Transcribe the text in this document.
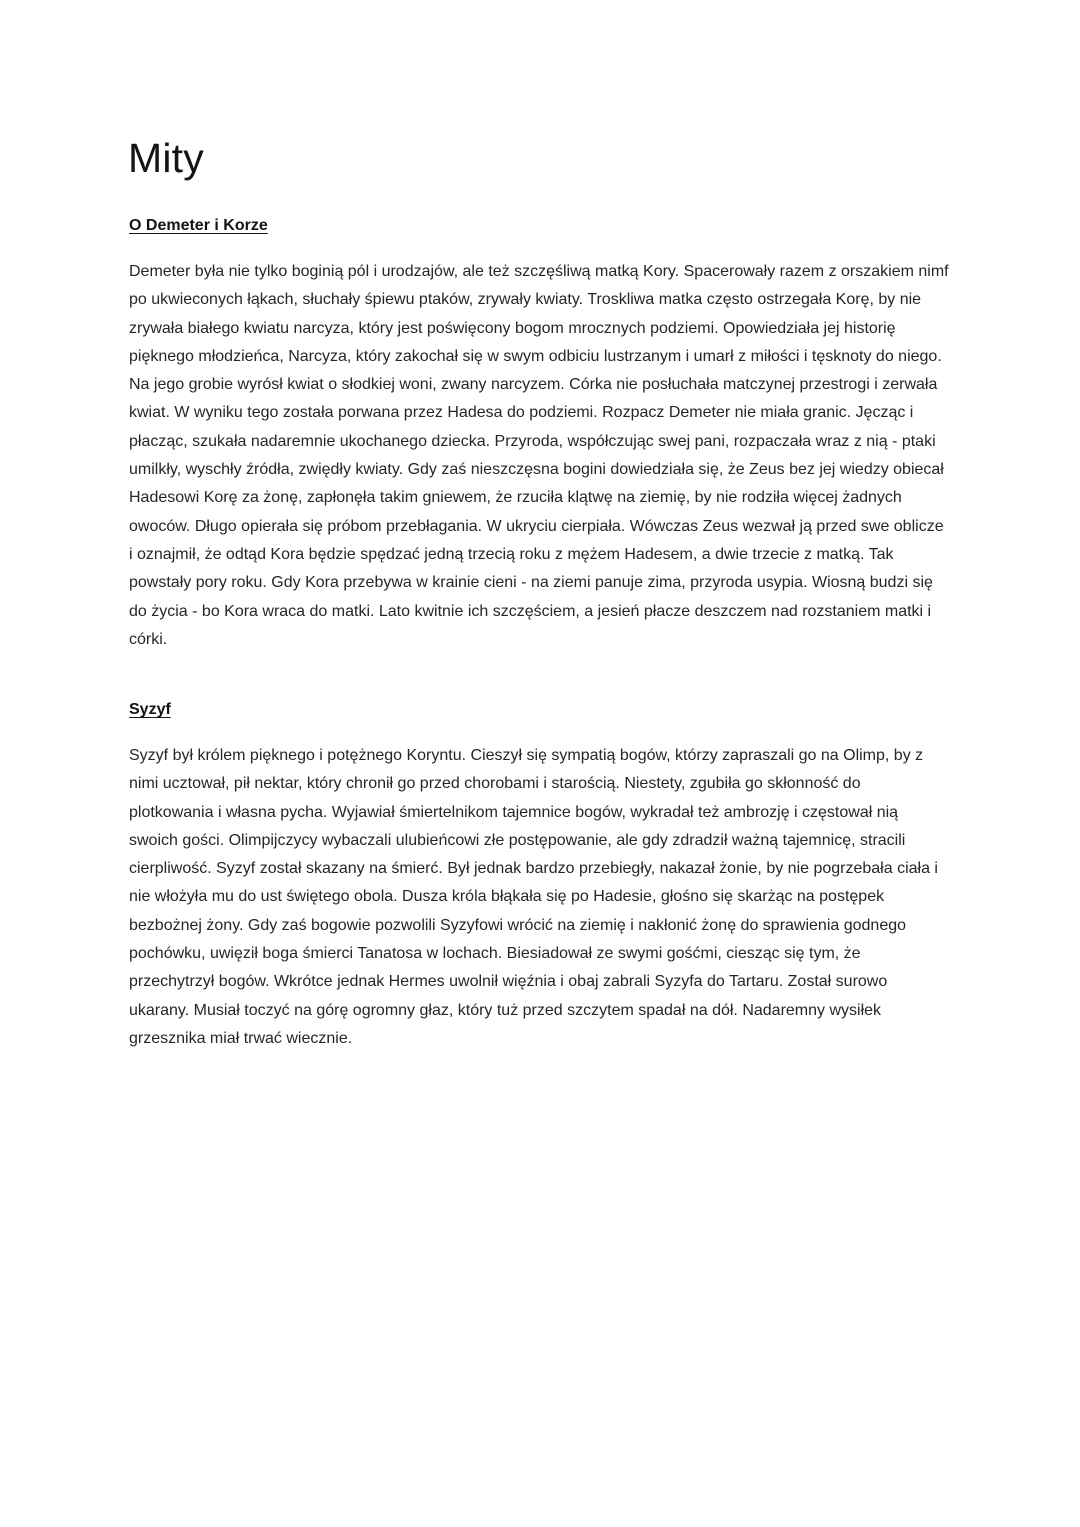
Mity
O Demeter i Korze

Demeter była nie tylko boginią pól i urodzajów, ale też szczęśliwą matką Kory. Spacerowały razem z orszakiem nimf po ukwieconych łąkach, słuchały śpiewu ptaków, zrywały kwiaty. Troskliwa matka często ostrzegała Korę, by nie zrywała białego kwiatu narcyza, który jest poświęcony bogom mrocznych podziemi. Opowiedziała jej historię pięknego młodzieńca, Narcyza, który zakochał się w swym odbiciu lustrzanym i umarł z miłości i tęsknoty do niego. Na jego grobie wyrósł kwiat o słodkiej woni, zwany narcyzem. Córka nie posłuchała matczynej przestrogi i zerwała kwiat. W wyniku tego została porwana przez Hadesa do podziemi. Rozpacz Demeter nie miała granic. Jęcząc i płacząc, szukała nadaremnie ukochanego dziecka. Przyroda, współczując swej pani, rozpaczała wraz z nią - ptaki umilkły, wyschły źródła, zwiędły kwiaty. Gdy zaś nieszczęsna bogini dowiedziała się, że Zeus bez jej wiedzy obiecał Hadesowi Korę za żonę, zapłonęła takim gniewem, że rzuciła klątwę na ziemię, by nie rodziła więcej żadnych owoców. Długo opierała się próbom przebłagania. W ukryciu cierpiała. Wówczas Zeus wezwał ją przed swe oblicze i oznajmił, że odtąd Kora będzie spędzać jedną trzecią roku z mężem Hadesem, a dwie trzecie z matką. Tak powstały pory roku. Gdy Kora przebywa w krainie cieni - na ziemi panuje zima, przyroda usypia. Wiosną budzi się do życia - bo Kora wraca do matki. Lato kwitnie ich szczęściem, a jesień płacze deszczem nad rozstaniem matki i córki.

Syzyf

Syzyf był królem pięknego i potężnego Koryntu. Cieszył się sympatią bogów, którzy zapraszali go na Olimp, by z nimi ucztował, pił nektar, który chronił go przed chorobami i starością. Niestety, zgubiła go skłonność do plotkowania i własna pycha. Wyjawiał śmiertelnikom tajemnice bogów, wykradał też ambrozję i częstował nią swoich gości. Olimpijczycy wybaczali ulubieńcowi złe postępowanie, ale gdy zdradził ważną tajemnicę, stracili cierpliwość. Syzyf został skazany na śmierć. Był jednak bardzo przebiegły, nakazał żonie, by nie pogrzebała ciała i nie włożyła mu do ust świętego obola. Dusza króla błąkała się po Hadesie, głośno się skarżąc na postępek bezbożnej żony. Gdy zaś bogowie pozwolili Syzyfowi wrócić na ziemię i nakłonić żonę do sprawienia godnego pochówku, uwięził boga śmierci Tanatosa w lochach. Biesiadował ze swymi gośćmi, ciesząc się tym, że przechytrzył bogów. Wkrótce jednak Hermes uwolnił więźnia i obaj zabrali Syzyfa do Tartaru. Został surowo ukarany. Musiał toczyć na górę ogromny głaz, który tuż przed szczytem spadał na dół. Nadaremny wysiłek grzesznika miał trwać wiecznie.
